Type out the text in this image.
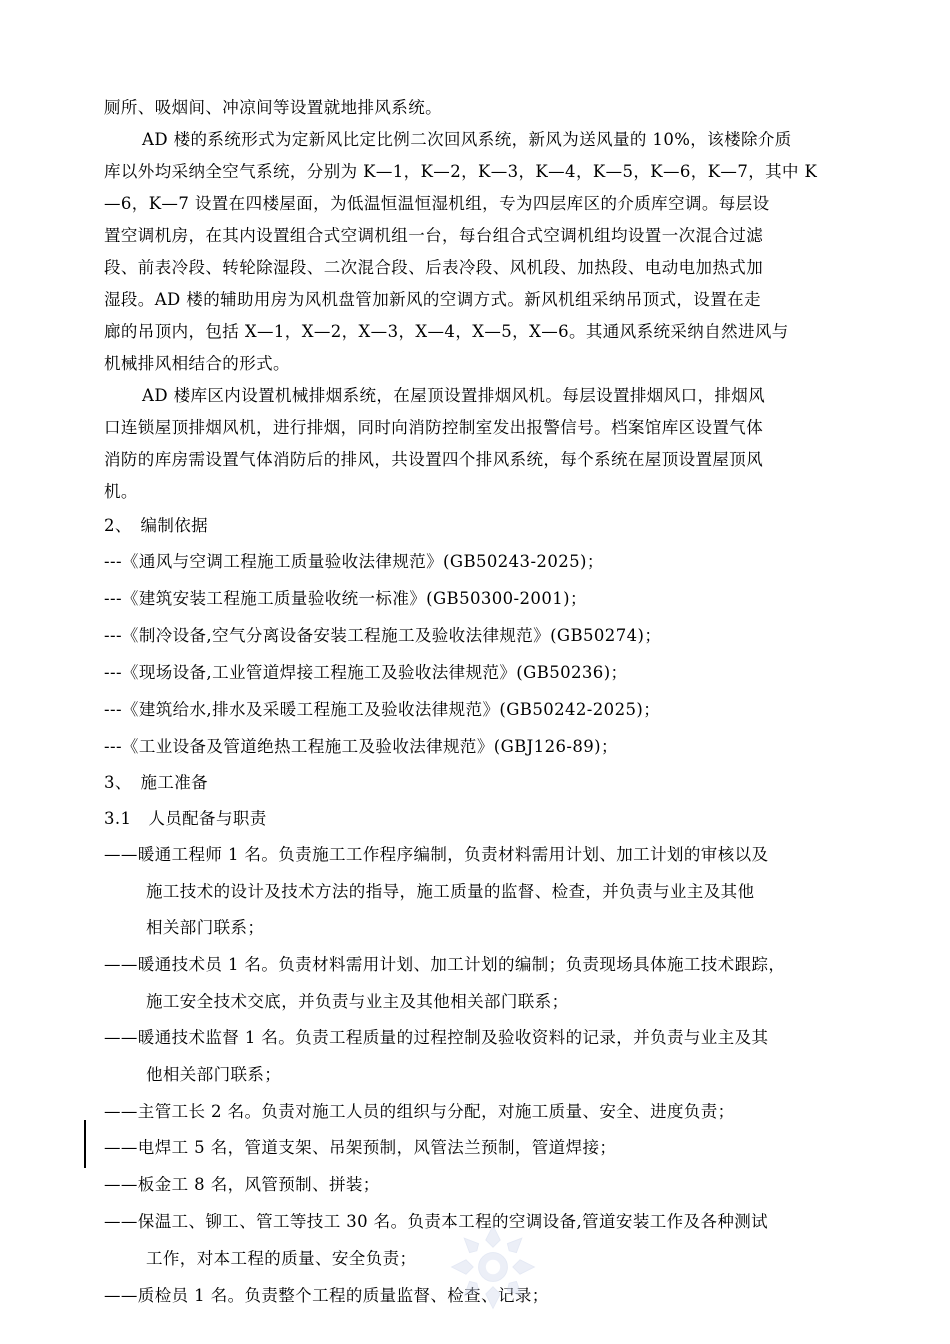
厕所、吸烟间、冲凉间等设置就地排风系统。
AD 楼的系统形式为定新风比定比例二次回风系统，新风为送风量的 10%，该楼除介质
库以外均采纳全空气系统，分别为 K—1，K—2，K—3，K—4，K—5，K—6，K—7，其中 K
—6，K—7 设置在四楼屋面，为低温恒温恒湿机组，专为四层库区的介质库空调。每层设
置空调机房，在其内设置组合式空调机组一台，每台组合式空调机组均设置一次混合过滤
段、前表冷段、转轮除湿段、二次混合段、后表冷段、风机段、加热段、电动电加热式加
湿段。AD 楼的辅助用房为风机盘管加新风的空调方式。新风机组采纳吊顶式，设置在走
廊的吊顶内，包括 X—1，X—2，X—3，X—4，X—5，X—6。其通风系统采纳自然进风与
机械排风相结合的形式。
AD 楼库区内设置机械排烟系统，在屋顶设置排烟风机。每层设置排烟风口，排烟风
口连锁屋顶排烟风机，进行排烟，同时向消防控制室发出报警信号。档案馆库区设置气体
消防的库房需设置气体消防后的排风，共设置四个排风系统，每个系统在屋顶设置屋顶风
机。
2、　编制依据
---《通风与空调工程施工质量验收法律规范》(GB50243-2025)；
---《建筑安装工程施工质量验收统一标准》(GB50300-2001)；
---《制冷设备,空气分离设备安装工程施工及验收法律规范》(GB50274)；
---《现场设备,工业管道焊接工程施工及验收法律规范》(GB50236)；
---《建筑给水,排水及采暖工程施工及验收法律规范》(GB50242-2025)；
---《工业设备及管道绝热工程施工及验收法律规范》(GBJ126-89)；
3、　施工准备
3.1　人员配备与职责
——暖通工程师 1 名。负责施工工作程序编制，负责材料需用计划、加工计划的审核以及
施工技术的设计及技术方法的指导，施工质量的监督、检查，并负责与业主及其他
相关部门联系；
——暖通技术员 1 名。负责材料需用计划、加工计划的编制；负责现场具体施工技术跟踪，
施工安全技术交底，并负责与业主及其他相关部门联系；
——暖通技术监督 1 名。负责工程质量的过程控制及验收资料的记录，并负责与业主及其
他相关部门联系；
——主管工长 2 名。负责对施工人员的组织与分配，对施工质量、安全、进度负责；
——电焊工 5 名，管道支架、吊架预制，风管法兰预制，管道焊接；
——板金工 8 名，风管预制、拼装；
——保温工、铆工、管工等技工 30 名。负责本工程的空调设备,管道安装工作及各种测试
工作，对本工程的质量、安全负责；
——质检员 1 名。负责整个工程的质量监督、检查、记录；
